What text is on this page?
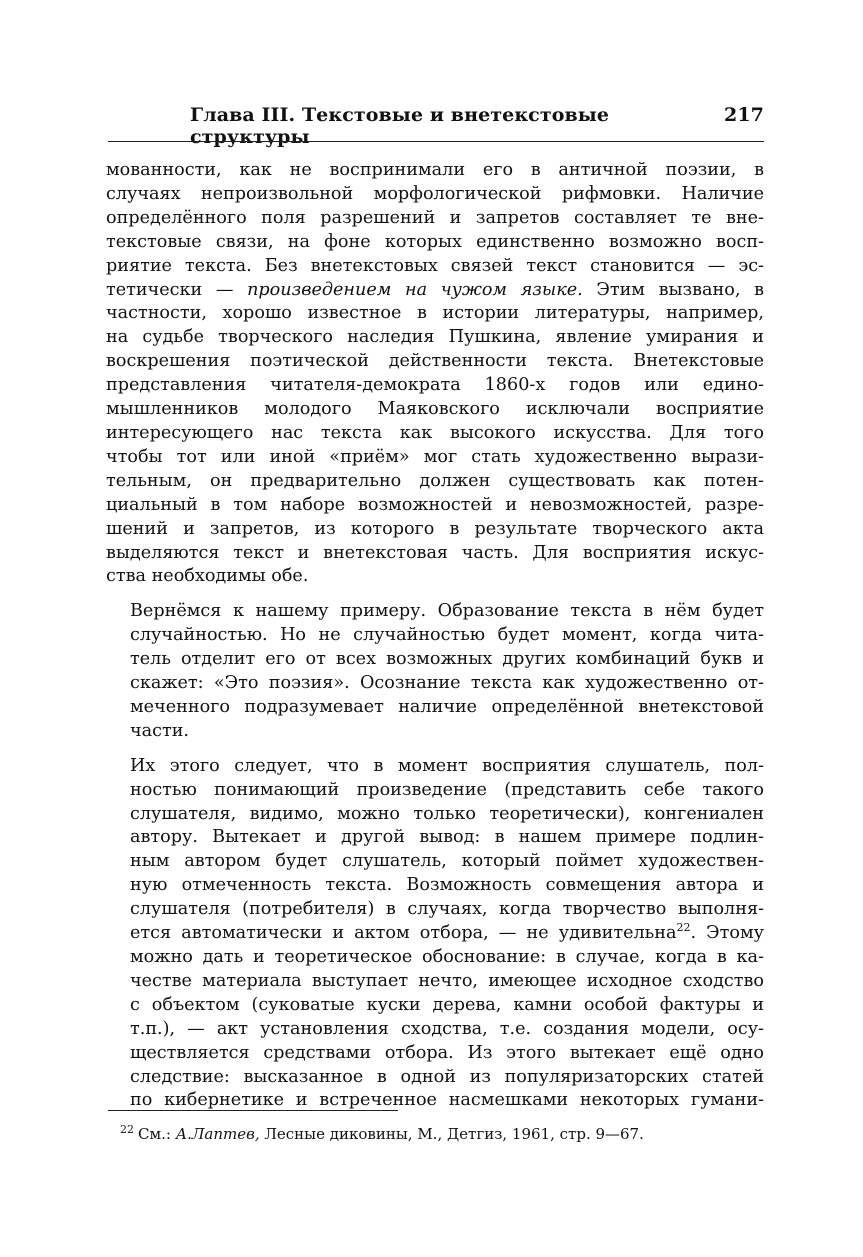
Глава III. Текстовые и внетекстовые структуры
217
мованности, как не воспринимали его в античной поэзии, в
случаях непроизвольной морфологической рифмовки. Наличие
определённого поля разрешений и запретов составляет те вне-
текстовые связи, на фоне которых единственно возможно восп-
риятие текста. Без внетекстовых связей текст становится — эс-
тетически — произведением на чужом языке. Этим вызвано, в
частности, хорошо известное в истории литературы, например,
на судьбе творческого наследия Пушкина, явление умирания и
воскрешения поэтической действенности текста. Внетекстовые
представления читателя-демократа 1860-х годов или едино-
мышленников молодого Маяковского исключали восприятие
интересующего нас текста как высокого искусства. Для того
чтобы тот или иной «приём» мог стать художественно вырази-
тельным, он предварительно должен существовать как потен-
циальный в том наборе возможностей и невозможностей, разре-
шений и запретов, из которого в результате творческого акта
выделяются текст и внетекстовая часть. Для восприятия искус-
ства необходимы обе.
Вернёмся к нашему примеру. Образование текста в нём будет
случайностью. Но не случайностью будет момент, когда чита-
тель отделит его от всех возможных других комбинаций букв и
скажет: «Это поэзия». Осознание текста как художественно от-
меченного подразумевает наличие определённой внетекстовой
части.
Их этого следует, что в момент восприятия слушатель, пол-
ностью понимающий произведение (представить себе такого
слушателя, видимо, можно только теоретически), конгениален
автору. Вытекает и другой вывод: в нашем примере подлин-
ным автором будет слушатель, который поймет художествен-
ную отмеченность текста. Возможность совмещения автора и
слушателя (потребителя) в случаях, когда творчество выполня-
ется автоматически и актом отбора, — не удивительна$^{22}$. Этому
можно дать и теоретическое обоснование: в случае, когда в ка-
честве материала выступает нечто, имеющее исходное сходство
с объектом (суковатые куски дерева, камни особой фактуры и
т.п.), — акт установления сходства, т.е. создания модели, осу-
ществляется средствами отбора. Из этого вытекает ещё одно
следствие: высказанное в одной из популяризаторских статей
по кибернетике и встреченное насмешками некоторых гумани-
$^{22}$ См.: А.Лаптев, Лесные диковины, М., Детгиз, 1961, стр. 9—67.
